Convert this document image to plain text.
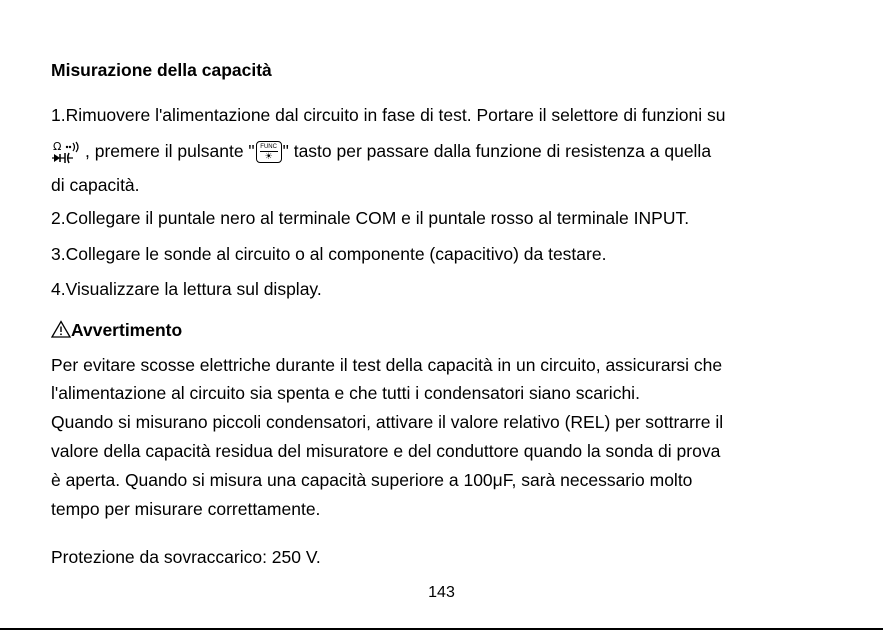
Misurazione della capacità
1.Rimuovere l'alimentazione dal circuito in fase di test. Portare il selettore di funzioni su
Ω , premere il pulsante " FUNC
☀ " tasto per passare dalla funzione di resistenza a quella
di capacità.
2.Collegare il puntale nero al terminale COM e il puntale rosso al terminale INPUT.
3.Collegare le sonde al circuito o al componente (capacitivo) da testare.
4.Visualizzare la lettura sul display.
Avvertimento
Per evitare scosse elettriche durante il test della capacità in un circuito, assicurarsi che
l'alimentazione al circuito sia spenta e che tutti i condensatori siano scarichi.
Quando si misurano piccoli condensatori, attivare il valore relativo (REL) per sottrarre il
valore della capacità residua del misuratore e del conduttore quando la sonda di prova
è aperta. Quando si misura una capacità superiore a 100μF, sarà necessario molto
tempo per misurare correttamente.
Protezione da sovraccarico: 250 V.
143
